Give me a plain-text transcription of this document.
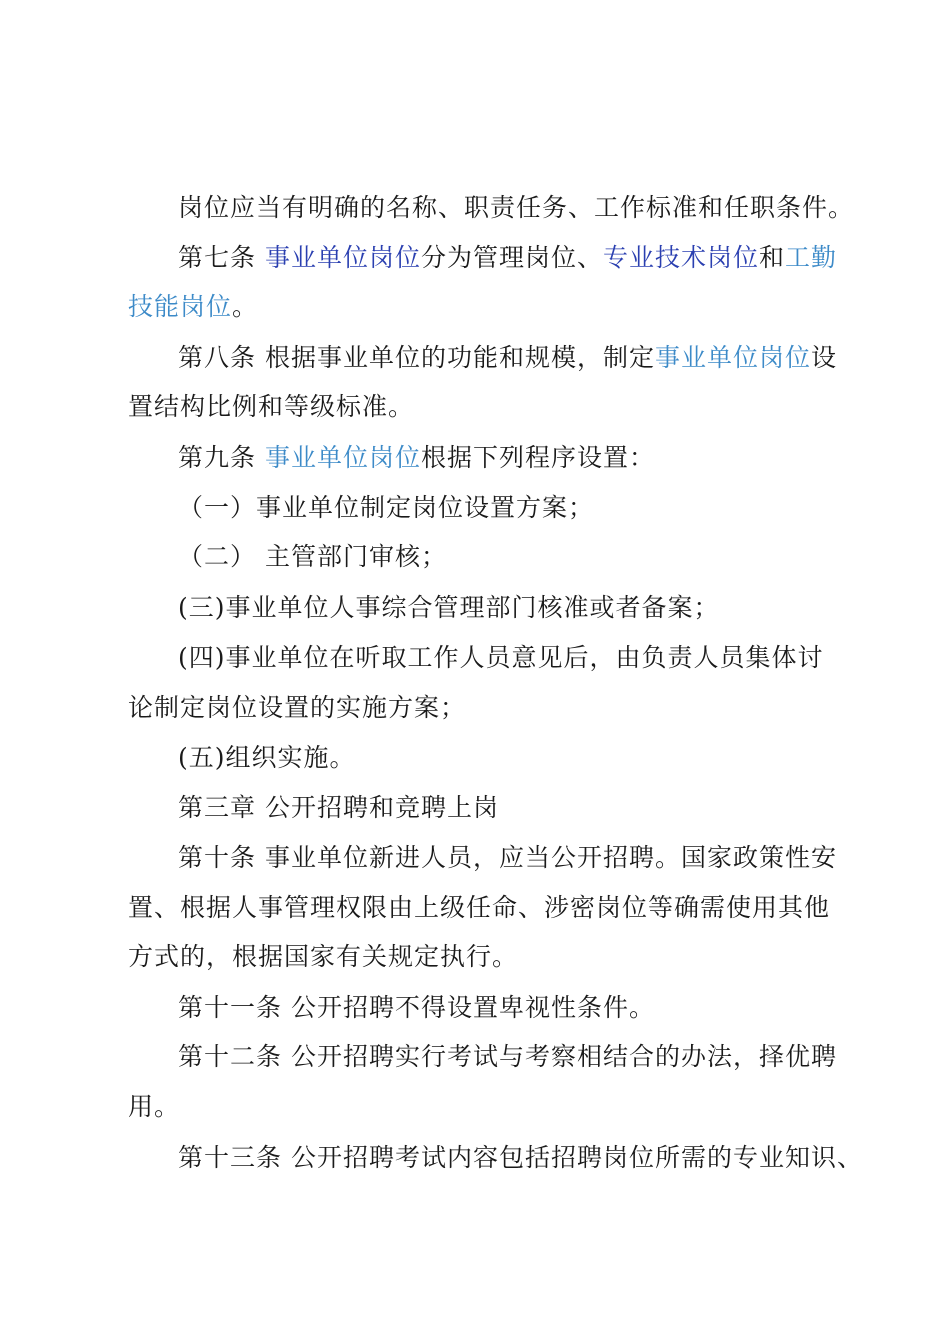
岗位应当有明确的名称、职责任务、工作标准和任职条件。
第七条 事业单位岗位分为管理岗位、专业技术岗位和工勤
技能岗位。
第八条 根据事业单位的功能和规模，制定事业单位岗位设
置结构比例和等级标准。
第九条 事业单位岗位根据下列程序设置：
（一）事业单位制定岗位设置方案；
（二） 主管部门审核；
(三)事业单位人事综合管理部门核准或者备案；
(四)事业单位在听取工作人员意见后，由负责人员集体讨
论制定岗位设置的实施方案；
(五)组织实施。
第三章 公开招聘和竞聘上岗
第十条 事业单位新进人员，应当公开招聘。国家政策性安
置、根据人事管理权限由上级任命、涉密岗位等确需使用其他
方式的，根据国家有关规定执行。
第十一条 公开招聘不得设置卑视性条件。
第十二条 公开招聘实行考试与考察相结合的办法，择优聘
用。
第十三条 公开招聘考试内容包括招聘岗位所需的专业知识、
